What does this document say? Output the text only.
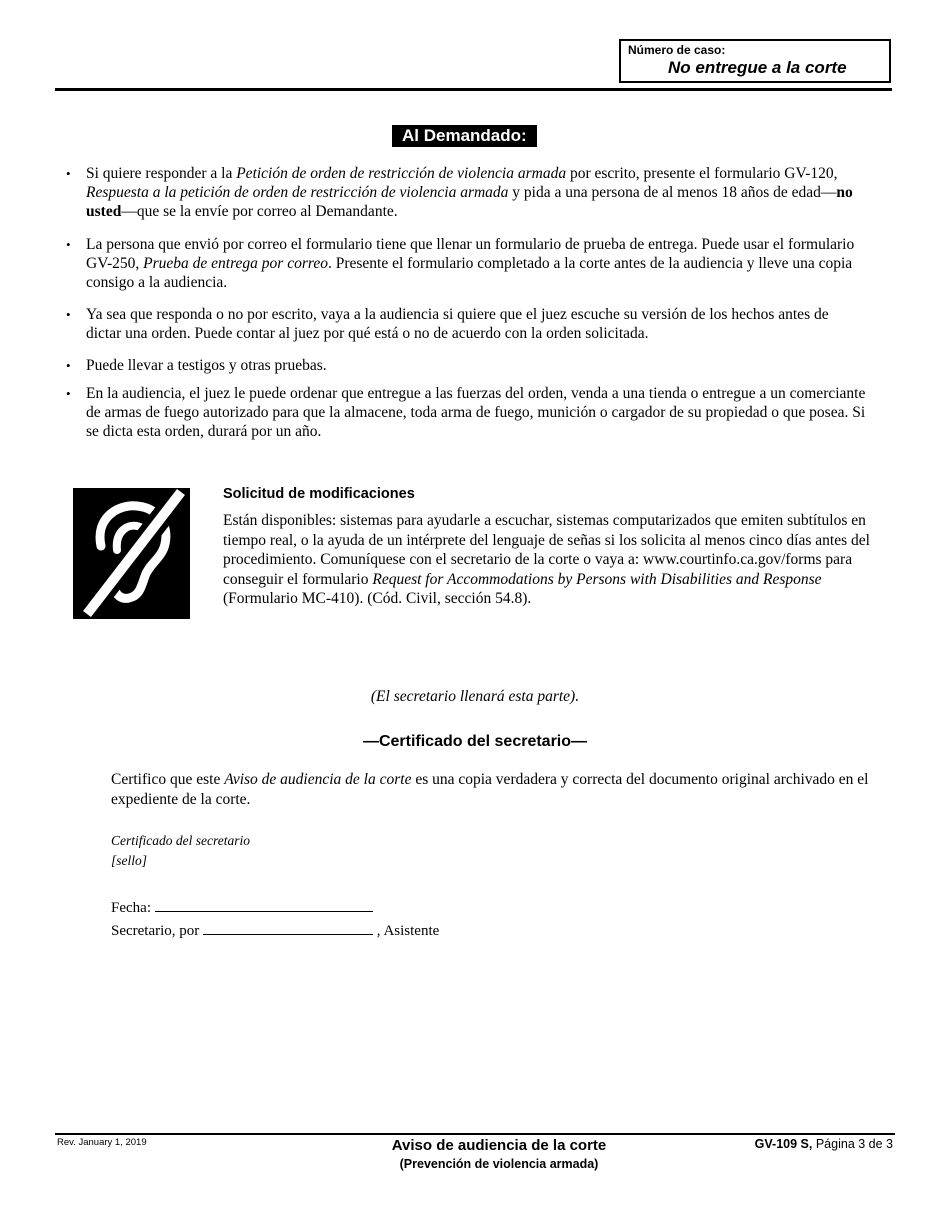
Número de caso:
No entregue a la corte
Al Demandado:
• Si quiere responder a la Petición de orden de restricción de violencia armada por escrito, presente el formulario GV-120, Respuesta a la petición de orden de restricción de violencia armada y pida a una persona de al menos 18 años de edad—no usted—que se la envíe por correo al Demandante.
• La persona que envió por correo el formulario tiene que llenar un formulario de prueba de entrega. Puede usar el formulario GV-250, Prueba de entrega por correo. Presente el formulario completado a la corte antes de la audiencia y lleve una copia consigo a la audiencia.
• Ya sea que responda o no por escrito, vaya a la audiencia si quiere que el juez escuche su versión de los hechos antes de dictar una orden. Puede contar al juez por qué está o no de acuerdo con la orden solicitada.
• Puede llevar a testigos y otras pruebas.
• En la audiencia, el juez le puede ordenar que entregue a las fuerzas del orden, venda a una tienda o entregue a un comerciante de armas de fuego autorizado para que la almacene, toda arma de fuego, munición o cargador de su propiedad o que posea. Si se dicta esta orden, durará por un año.
Solicitud de modificaciones
Están disponibles: sistemas para ayudarle a escuchar, sistemas computarizados que emiten subtítulos en tiempo real, o la ayuda de un intérprete del lenguaje de señas si los solicita al menos cinco días antes del procedimiento. Comuníquese con el secretario de la corte o vaya a: www.courtinfo.ca.gov/forms para conseguir el formulario Request for Accommodations by Persons with Disabilities and Response (Formulario MC-410). (Cód. Civil, sección 54.8).
(El secretario llenará esta parte).
—Certificado del secretario—
Certifico que este Aviso de audiencia de la corte es una copia verdadera y correcta del documento original archivado en el expediente de la corte.
Certificado del secretario
[sello]
Fecha:
Secretario, por	, Asistente
Rev. January 1, 2019	Aviso de audiencia de la corte
(Prevención de violencia armada)
GV-109 S, Página 3 de 3
